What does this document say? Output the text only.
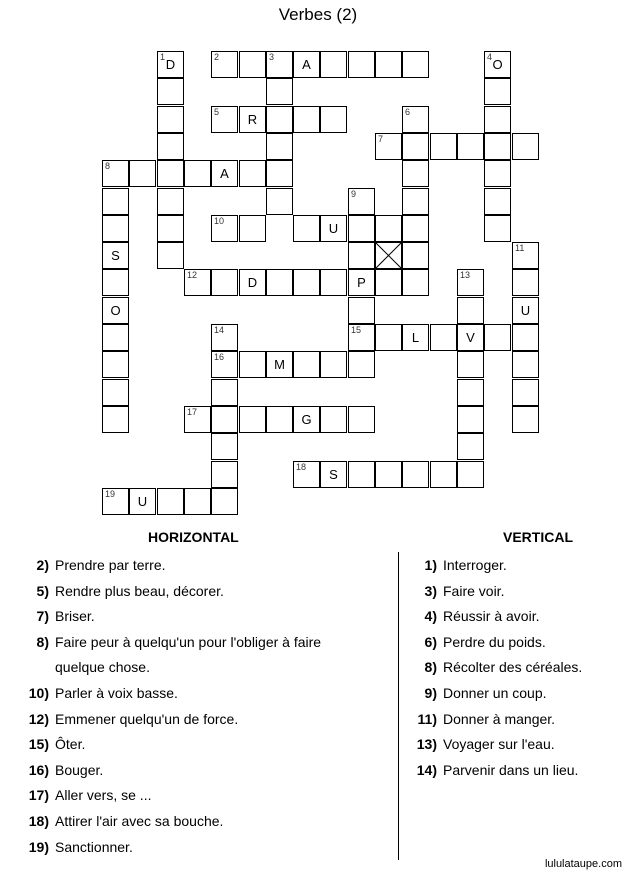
Verbes (2)
1 D	2	3	A	4 O
5	R	6
7
A
8
S
O
9
15
10	U
12	D	P
11
U
13
V
L
14
16	M
17	G
18	S
19	U
HORIZONTAL	VERTICAL
2) Prendre par terre.
5) Rendre plus beau, décorer.
7) Briser.
8) Faire peur à quelqu'un pour l'obliger à faire
quelque chose.
10) Parler à voix basse.
12) Emmener quelqu'un de force.
15) Ôter.
16) Bouger.
17) Aller vers, se ...
18) Attirer l'air avec sa bouche.
19) Sanctionner.
1) Interroger.
3) Faire voir.
4) Réussir à avoir.
6) Perdre du poids.
8) Récolter des céréales.
9) Donner un coup.
11) Donner à manger.
13) Voyager sur l'eau.
14) Parvenir dans un lieu.
lululataupe.com
